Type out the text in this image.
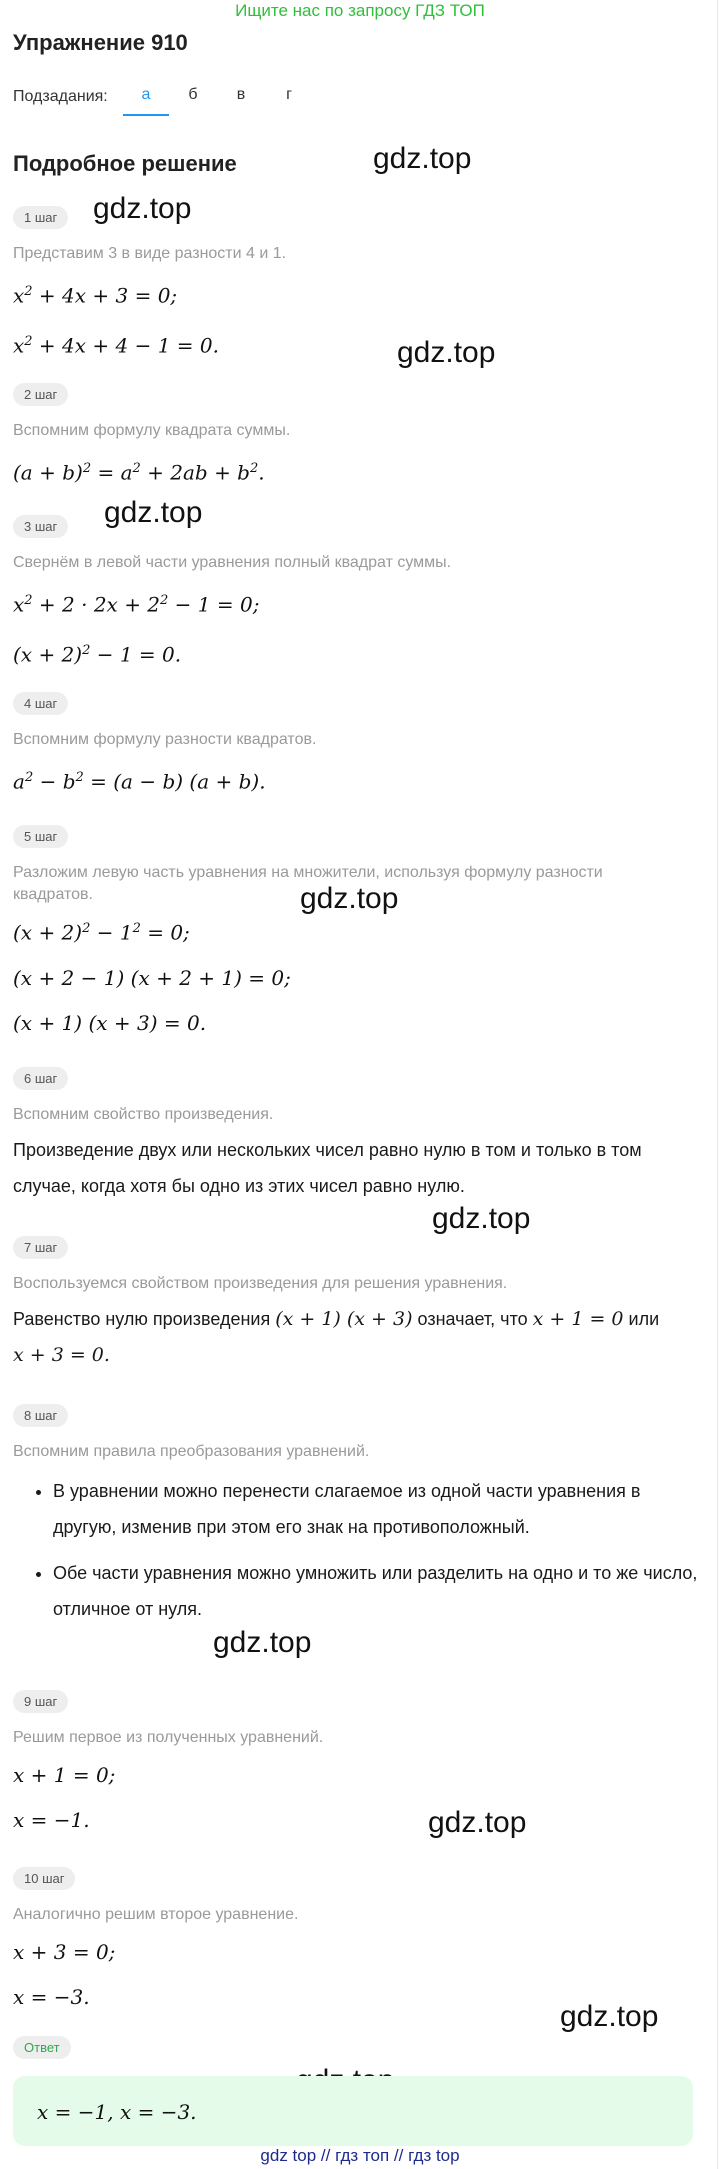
Ищите нас по запросу ГДЗ ТОП
Упражнение 910
Подзадания:	а	б	в	г
Подробное решение	gdz.top
gdz.top
gdz.top
gdz.top
gdz.top
gdz.top
gdz.top
gdz.top
gdz.top
1 шаг
Представим 3 в виде разности 4 и 1.
$x^2 + 4x + 3 = 0$;
$x^2 + 4x + 4 - 1 = 0$.
2 шаг
Вспомним формулу квадрата суммы.
$(a + b)^2 = a^2 + 2ab + b^2$.
3 шаг
Свернём в левой части уравнения полный квадрат суммы.
$x^2 + 2 \cdot 2x + 2^2 - 1 = 0$;
$(x + 2)^2 - 1 = 0$.
4 шаг
Вспомним формулу разности квадратов.
$a^2 - b^2 = (a - b) (a + b)$.
5 шаг
Разложим левую часть уравнения на множители, используя формулу разности квадратов.
$(x + 2)^2 - 1^2 = 0$;
(x + 2 − 1) (x + 2 + 1) = 0;
(x + 1) (x + 3) = 0.
6 шаг
Вспомним свойство произведения.
Произведение двух или нескольких чисел равно нулю в том и только в том случае, когда хотя бы одно из этих чисел равно нулю.
7 шаг
Воспользуемся свойством произведения для решения уравнения.
Равенство нулю произведения (x + 1) (x + 3) означает, что x + 1 = 0 или
x + 3 = 0.
8 шаг
Вспомним правила преобразования уравнений.
• В уравнении можно перенести слагаемое из одной части уравнения в другую, изменив при этом его знак на противоположный.
• Обе части уравнения можно умножить или разделить на одно и то же число, отличное от нуля.
9 шаг
Решим первое из полученных уравнений.
x + 1 = 0;
x = −1.
10 шаг
Аналогично решим второе уравнение.
x + 3 = 0;
x = −3.
Ответ
x = −1, x = −3.
gdz top // гдз топ // гдз top
